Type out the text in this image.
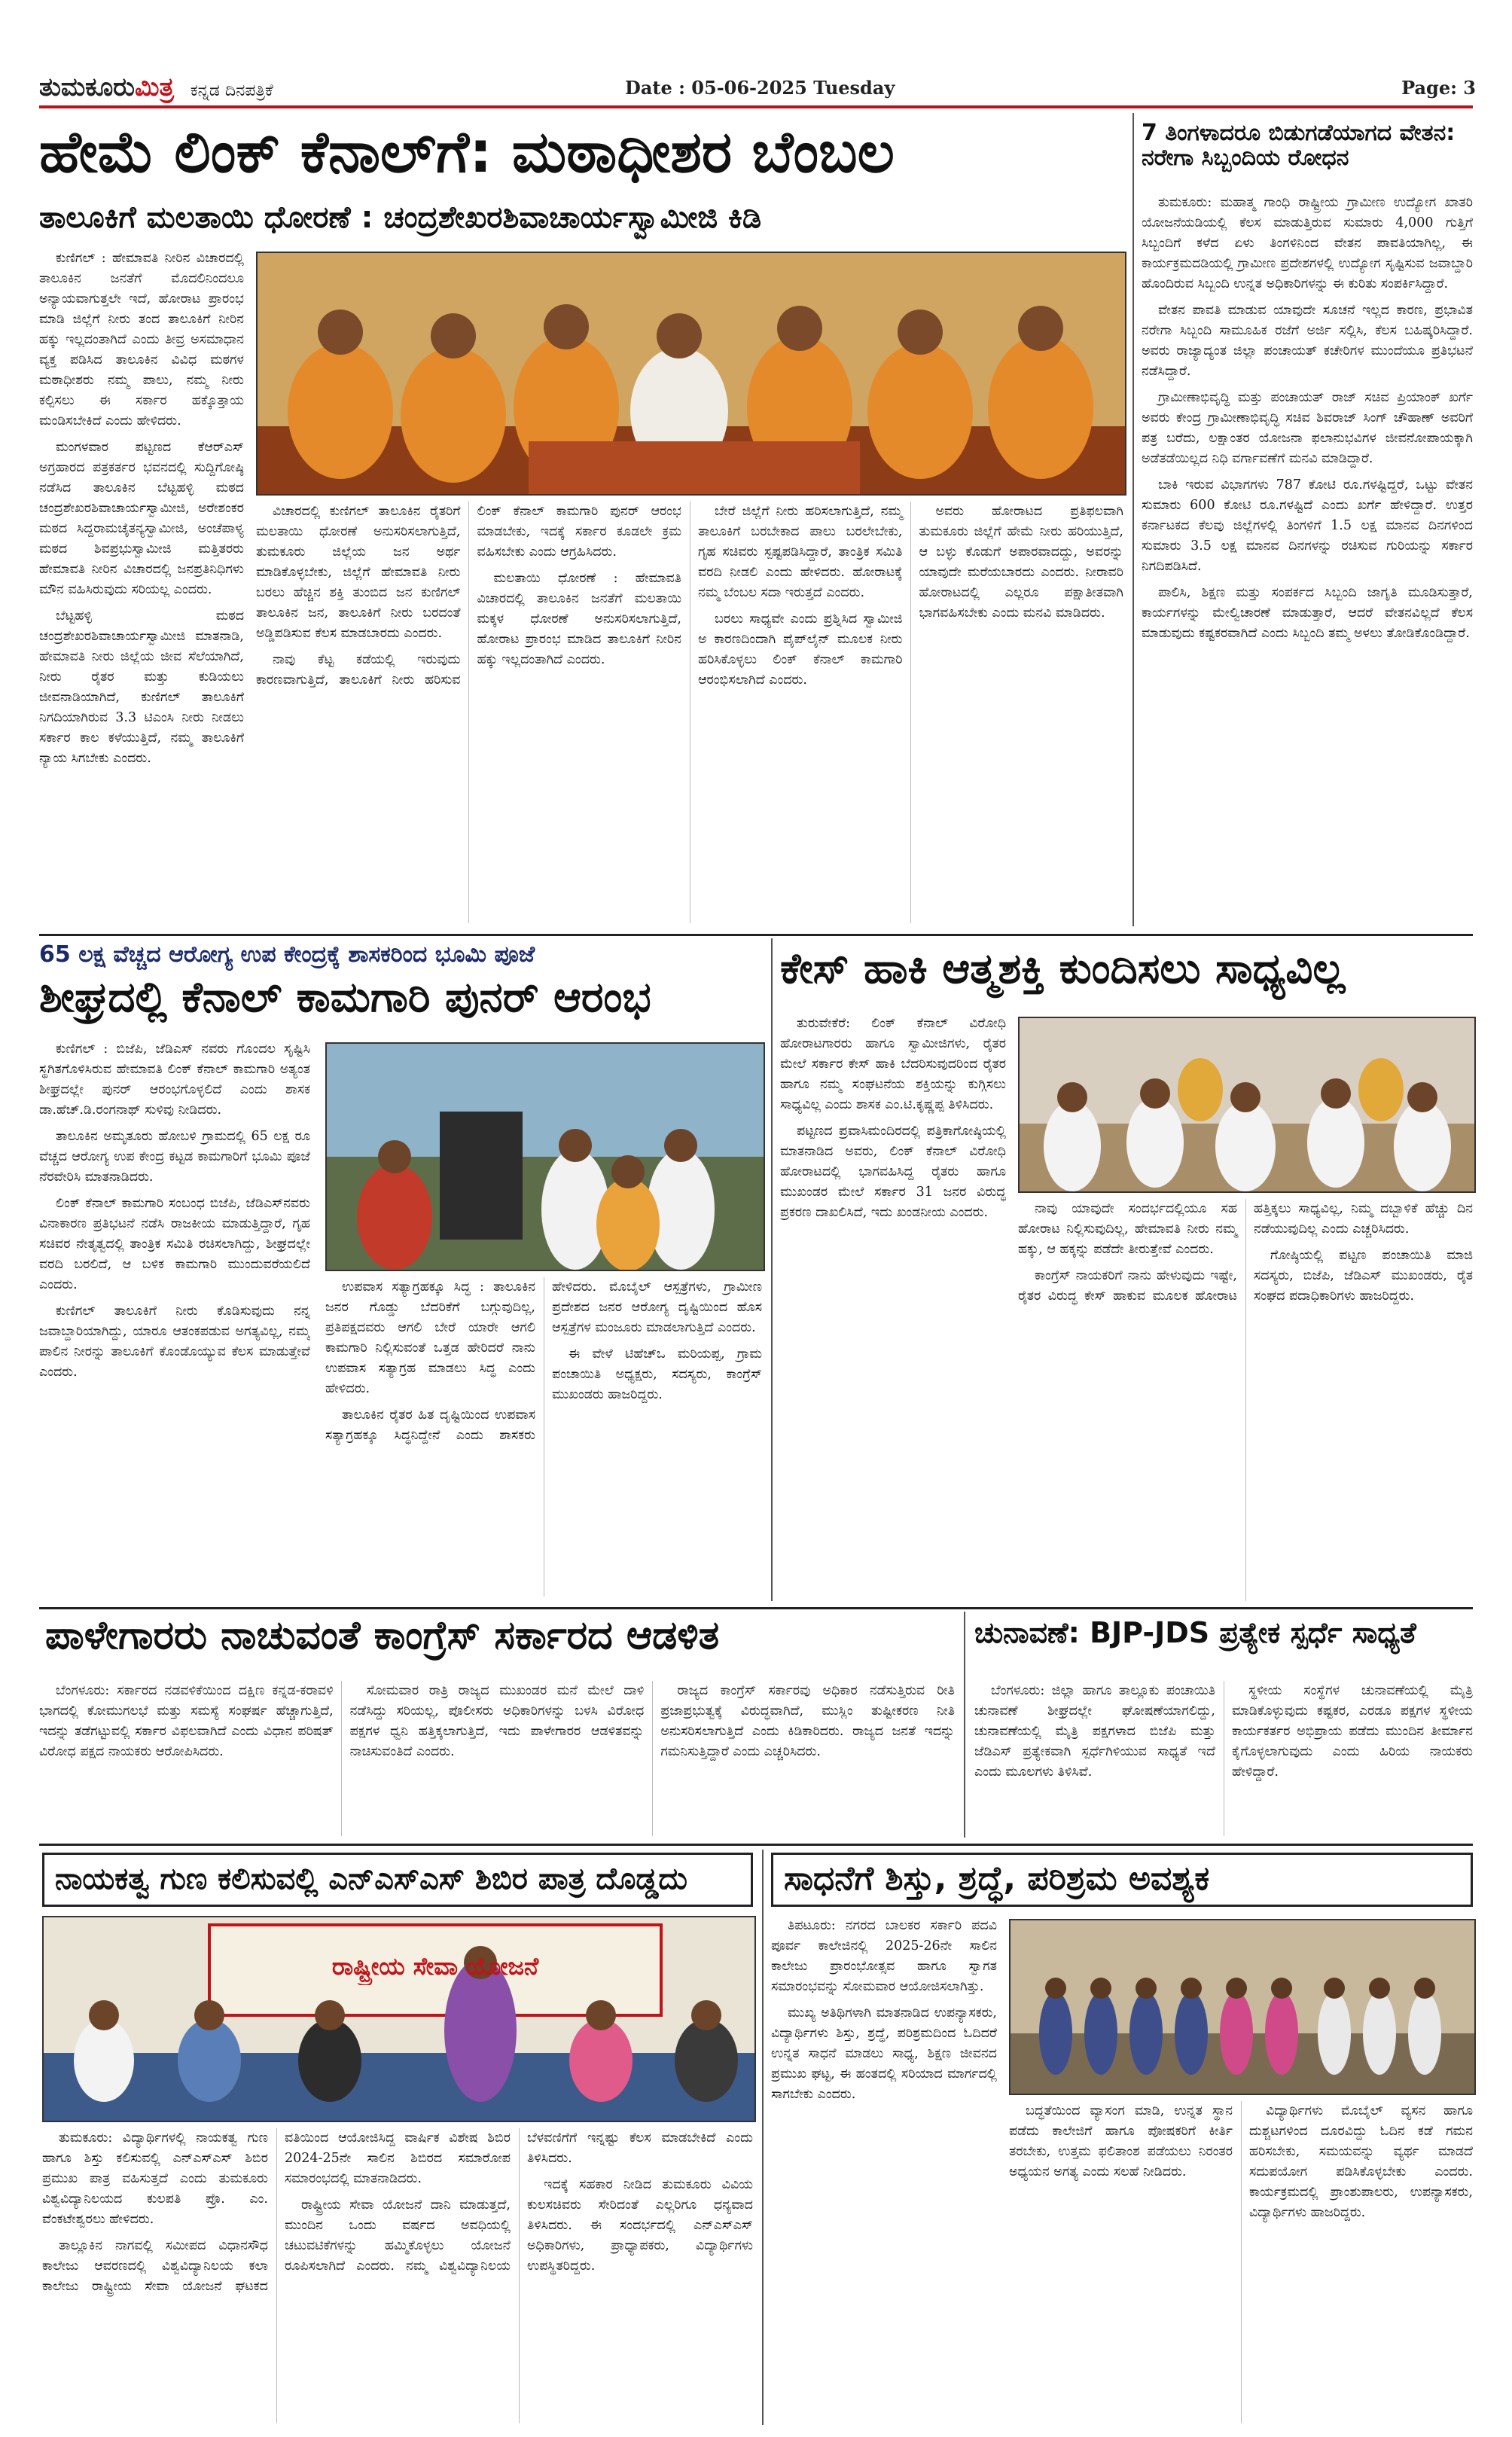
ತುಮಕೂರುಮಿತ್ರ ಕನ್ನಡ ದಿನಪತ್ರಿಕೆ	Date : 05-06-2025 Tuesday	Page: 3
ಹೇಮೆ ಲಿಂಕ್ ಕೆನಾಲ್‌ಗೆ: ಮಠಾಧೀಶರ ಬೆಂಬಲ
ತಾಲೂಕಿಗೆ ಮಲತಾಯಿ ಧೋರಣೆ : ಚಂದ್ರಶೇಖರಶಿವಾಚಾರ್ಯಸ್ವಾಮೀಜಿ ಕಿಡಿ

ಕುಣಿಗಲ್ : ಹೇಮಾವತಿ ನೀರಿನ ವಿಚಾರದಲ್ಲಿ ತಾಲೂಕಿನ ಜನತೆಗೆ ಮೊದಲಿನಿಂದಲೂ ಅನ್ಯಾಯವಾಗುತ್ತಲೇ ಇದೆ, ಹೋರಾಟ ಪ್ರಾರಂಭ ಮಾಡಿ ಜಿಲ್ಲೆಗೆ ನೀರು ತಂದ ತಾಲೂಕಿಗೆ ನೀರಿನ ಹಕ್ಕು ಇಲ್ಲದಂತಾಗಿದೆ ಎಂದು ತೀವ್ರ ಅಸಮಾಧಾನ ವ್ಯಕ್ತ ಪಡಿಸಿದ ತಾಲೂಕಿನ ವಿವಿಧ ಮಠಗಳ ಮಠಾಧೀಶರು ನಮ್ಮ ಪಾಲು, ನಮ್ಮ ನೀರು ಕಲ್ಪಿಸಲು ಈ ಸರ್ಕಾರ ಹಕ್ಕೊತ್ತಾಯ ಮಂಡಿಸಬೇಕಿದೆ ಎಂದು ಹೇಳಿದರು.

ಮಂಗಳವಾರ ಪಟ್ಟಣದ ಕೆಆರ್‌ಎಸ್ ಅಗ್ರಹಾರದ ಪತ್ರಕರ್ತರ ಭವನದಲ್ಲಿ ಸುದ್ದಿಗೋಷ್ಠಿ ನಡೆಸಿದ ತಾಲೂಕಿನ ಬೆಟ್ಟಹಳ್ಳಿ ಮಠದ ಚಂದ್ರಶೇಖರಶಿವಾಚಾರ್ಯಸ್ವಾಮೀಜಿ, ಅರೇಶಂಕರ ಮಠದ ಸಿದ್ದರಾಮಚೈತನ್ಯಸ್ವಾಮೀಜಿ, ಅಂಚೆಪಾಳ್ಯ ಮಠದ ಶಿವಪ್ರಭುಸ್ವಾಮೀಜಿ ಮತ್ತಿತರರು ಹೇಮಾವತಿ ನೀರಿನ ವಿಚಾರದಲ್ಲಿ ಜನಪ್ರತಿನಿಧಿಗಳು ಮೌನ ವಹಿಸಿರುವುದು ಸರಿಯಲ್ಲ ಎಂದರು.

ಬೆಟ್ಟಹಳ್ಳಿ ಮಠದ ಚಂದ್ರಶೇಖರಶಿವಾಚಾರ್ಯಸ್ವಾಮೀಜಿ ಮಾತನಾಡಿ, ಹೇಮಾವತಿ ನೀರು ಜಿಲ್ಲೆಯ ಜೀವ ಸೆಲೆಯಾಗಿದೆ, ನೀರು ರೈತರ ಮತ್ತು ಕುಡಿಯಲು ಜೀವನಾಡಿಯಾಗಿದೆ, ಕುಣಿಗಲ್ ತಾಲೂಕಿಗೆ ನಿಗದಿಯಾಗಿರುವ 3.3 ಟಿಎಂಸಿ ನೀರು ನೀಡಲು ಸರ್ಕಾರ ಕಾಲ ಕಳೆಯುತ್ತಿದೆ, ನಮ್ಮ ತಾಲೂಕಿಗೆ ನ್ಯಾಯ ಸಿಗಬೇಕು ಎಂದರು.

ವಿಚಾರದಲ್ಲಿ ಕುಣಿಗಲ್ ತಾಲೂಕಿನ ರೈತರಿಗೆ ಮಲತಾಯಿ ಧೋರಣೆ ಅನುಸರಿಸಲಾಗುತ್ತಿದೆ, ತುಮಕೂರು ಜಿಲ್ಲೆಯ ಜನ ಅರ್ಥ ಮಾಡಿಕೊಳ್ಳಬೇಕು, ಜಿಲ್ಲೆಗೆ ಹೇಮಾವತಿ ನೀರು ಬರಲು ಹೆಚ್ಚಿನ ಶಕ್ತಿ ತುಂಬಿದ ಜನ ಕುಣಿಗಲ್ ತಾಲೂಕಿನ ಜನ, ತಾಲೂಕಿಗೆ ನೀರು ಬರದಂತೆ ಅಡ್ಡಿಪಡಿಸುವ ಕೆಲಸ ಮಾಡಬಾರದು ಎಂದರು.

ನಾವು ಕೆಟ್ಟ ಕಡೆಯಲ್ಲಿ ಇರುವುದು ಕಾರಣವಾಗುತ್ತಿದೆ, ತಾಲೂಕಿಗೆ ನೀರು ಹರಿಸುವ ಲಿಂಕ್ ಕೆನಾಲ್ ಕಾಮಗಾರಿ ಪುನರ್ ಆರಂಭ ಮಾಡಬೇಕು, ಇದಕ್ಕೆ ಸರ್ಕಾರ ಕೂಡಲೇ ಕ್ರಮ ವಹಿಸಬೇಕು ಎಂದು ಆಗ್ರಹಿಸಿದರು.

ಮಲತಾಯಿ ಧೋರಣೆ : ಹೇಮಾವತಿ ವಿಚಾರದಲ್ಲಿ ತಾಲೂಕಿನ ಜನತೆಗೆ ಮಲತಾಯಿ ಮಕ್ಕಳ ಧೋರಣೆ ಅನುಸರಿಸಲಾಗುತ್ತಿದೆ, ಹೋರಾಟ ಪ್ರಾರಂಭ ಮಾಡಿದ ತಾಲೂಕಿಗೆ ನೀರಿನ ಹಕ್ಕು ಇಲ್ಲದಂತಾಗಿದೆ ಎಂದರು.

ಬೇರೆ ಜಿಲ್ಲೆಗೆ ನೀರು ಹರಿಸಲಾಗುತ್ತಿದೆ, ನಮ್ಮ ತಾಲೂಕಿಗೆ ಬರಬೇಕಾದ ಪಾಲು ಬರಲೇಬೇಕು, ಗೃಹ ಸಚಿವರು ಸ್ಪಷ್ಟಪಡಿಸಿದ್ದಾರೆ, ತಾಂತ್ರಿಕ ಸಮಿತಿ ವರದಿ ನೀಡಲಿ ಎಂದು ಹೇಳಿದರು. ಹೋರಾಟಕ್ಕೆ ನಮ್ಮ ಬೆಂಬಲ ಸದಾ ಇರುತ್ತದೆ ಎಂದರು.

ಬರಲು ಸಾಧ್ಯವೇ ಎಂದು ಪ್ರಶ್ನಿಸಿದ ಸ್ವಾಮೀಜಿ ಅ ಕಾರಣದಿಂದಾಗಿ ಪೈಪ್‌ಲೈನ್ ಮೂಲಕ ನೀರು ಹರಿಸಿಕೊಳ್ಳಲು ಲಿಂಕ್ ಕೆನಾಲ್ ಕಾಮಗಾರಿ ಆರಂಭಿಸಲಾಗಿದೆ ಎಂದರು.

ಅವರು ಹೋರಾಟದ ಪ್ರತಿಫಲವಾಗಿ ತುಮಕೂರು ಜಿಲ್ಲೆಗೆ ಹೇಮೆ ನೀರು ಹರಿಯುತ್ತಿದೆ, ಆ ಬಳ್ಳು ಕೊಡುಗೆ ಅಪಾರವಾದದ್ದು, ಅವರನ್ನು ಯಾವುದೇ ಮರೆಯಬಾರದು ಎಂದರು. ನೀರಾವರಿ ಹೋರಾಟದಲ್ಲಿ ಎಲ್ಲರೂ ಪಕ್ಷಾತೀತವಾಗಿ ಭಾಗವಹಿಸಬೇಕು ಎಂದು ಮನವಿ ಮಾಡಿದರು.

7 ತಿಂಗಳಾದರೂ ಬಿಡುಗಡೆಯಾಗದ ವೇತನ: ನರೇಗಾ ಸಿಬ್ಬಂದಿಯ ರೋಧನ

ತುಮಕೂರು: ಮಹಾತ್ಮ ಗಾಂಧಿ ರಾಷ್ಟ್ರೀಯ ಗ್ರಾಮೀಣ ಉದ್ಯೋಗ ಖಾತರಿ ಯೋಜನೆಯಡಿಯಲ್ಲಿ ಕೆಲಸ ಮಾಡುತ್ತಿರುವ ಸುಮಾರು 4,000 ಗುತ್ತಿಗೆ ಸಿಬ್ಬಂದಿಗೆ ಕಳೆದ ಏಳು ತಿಂಗಳಿನಿಂದ ವೇತನ ಪಾವತಿಯಾಗಿಲ್ಲ, ಈ ಕಾರ್ಯಕ್ರಮದಡಿಯಲ್ಲಿ ಗ್ರಾಮೀಣ ಪ್ರದೇಶಗಳಲ್ಲಿ ಉದ್ಯೋಗ ಸೃಷ್ಟಿಸುವ ಜವಾಬ್ದಾರಿ ಹೊಂದಿರುವ ಸಿಬ್ಬಂದಿ ಉನ್ನತ ಅಧಿಕಾರಿಗಳನ್ನು ಈ ಕುರಿತು ಸಂಪರ್ಕಿಸಿದ್ದಾರೆ.

ವೇತನ ಪಾವತಿ ಮಾಡುವ ಯಾವುದೇ ಸೂಚನೆ ಇಲ್ಲದ ಕಾರಣ, ಪ್ರಭಾವಿತ ನರೇಗಾ ಸಿಬ್ಬಂದಿ ಸಾಮೂಹಿಕ ರಜೆಗೆ ಅರ್ಜಿ ಸಲ್ಲಿಸಿ, ಕೆಲಸ ಬಹಿಷ್ಕರಿಸಿದ್ದಾರೆ. ಅವರು ರಾಜ್ಯಾದ್ಯಂತ ಜಿಲ್ಲಾ ಪಂಚಾಯತ್ ಕಚೇರಿಗಳ ಮುಂದೆಯೂ ಪ್ರತಿಭಟನೆ ನಡೆಸಿದ್ದಾರೆ.

ಗ್ರಾಮೀಣಾಭಿವೃದ್ಧಿ ಮತ್ತು ಪಂಚಾಯತ್ ರಾಜ್ ಸಚಿವ ಪ್ರಿಯಾಂಕ್ ಖರ್ಗೆ ಅವರು ಕೇಂದ್ರ ಗ್ರಾಮೀಣಾಭಿವೃದ್ಧಿ ಸಚಿವ ಶಿವರಾಜ್ ಸಿಂಗ್ ಚೌಹಾಣ್ ಅವರಿಗೆ ಪತ್ರ ಬರೆದು, ಲಕ್ಷಾಂತರ ಯೋಜನಾ ಫಲಾನುಭವಿಗಳ ಜೀವನೋಪಾಯಕ್ಕಾಗಿ ಅಡೆತಡೆಯಿಲ್ಲದ ನಿಧಿ ವರ್ಗಾವಣೆಗೆ ಮನವಿ ಮಾಡಿದ್ದಾರೆ.

ಬಾಕಿ ಇರುವ ವಿಭಾಗಗಳು 787 ಕೋಟಿ ರೂ.ಗಳಷ್ಟಿದ್ದರೆ, ಒಟ್ಟು ವೇತನ ಸುಮಾರು 600 ಕೋಟಿ ರೂ.ಗಳಷ್ಟಿದೆ ಎಂದು ಖರ್ಗೆ ಹೇಳಿದ್ದಾರೆ. ಉತ್ತರ ಕರ್ನಾಟಕದ ಕೆಲವು ಜಿಲ್ಲೆಗಳಲ್ಲಿ ತಿಂಗಳಿಗೆ 1.5 ಲಕ್ಷ ಮಾನವ ದಿನಗಳಿಂದ ಸುಮಾರು 3.5 ಲಕ್ಷ ಮಾನವ ದಿನಗಳನ್ನು ರಚಿಸುವ ಗುರಿಯನ್ನು ಸರ್ಕಾರ ನಿಗದಿಪಡಿಸಿದೆ.

ಪಾಲಿಸಿ, ಶಿಕ್ಷಣ ಮತ್ತು ಸಂಪರ್ಕದ ಸಿಬ್ಬಂದಿ ಜಾಗೃತಿ ಮೂಡಿಸುತ್ತಾರೆ, ಕಾರ್ಯಗಳನ್ನು ಮೇಲ್ವಿಚಾರಣೆ ಮಾಡುತ್ತಾರೆ, ಆದರೆ ವೇತನವಿಲ್ಲದೆ ಕೆಲಸ ಮಾಡುವುದು ಕಷ್ಟಕರವಾಗಿದೆ ಎಂದು ಸಿಬ್ಬಂದಿ ತಮ್ಮ ಅಳಲು ತೋಡಿಕೊಂಡಿದ್ದಾರೆ.

65 ಲಕ್ಷ ವೆಚ್ಚದ ಆರೋಗ್ಯ ಉಪ ಕೇಂದ್ರಕ್ಕೆ ಶಾಸಕರಿಂದ ಭೂಮಿ ಪೂಜೆ
ಶೀಘ್ರದಲ್ಲಿ ಕೆನಾಲ್ ಕಾಮಗಾರಿ ಪುನರ್ ಆರಂಭ

ಕುಣಿಗಲ್ : ಬಿಜೆಪಿ, ಜೆಡಿಎಸ್ ನವರು ಗೊಂದಲ ಸೃಷ್ಟಿಸಿ ಸ್ಥಗಿತಗೊಳಿಸಿರುವ ಹೇಮಾವತಿ ಲಿಂಕ್ ಕೆನಾಲ್ ಕಾಮಗಾರಿ ಅತ್ಯಂತ ಶೀಘ್ರದಲ್ಲೇ ಪುನರ್ ಆರಂಭಗೊಳ್ಳಲಿದೆ ಎಂದು ಶಾಸಕ ಡಾ.ಹೆಚ್.ಡಿ.ರಂಗನಾಥ್ ಸುಳಿವು ನೀಡಿದರು.

ತಾಲೂಕಿನ ಅಮೃತೂರು ಹೋಬಳಿ ಗ್ರಾಮದಲ್ಲಿ 65 ಲಕ್ಷ ರೂ ವೆಚ್ಚದ ಆರೋಗ್ಯ ಉಪ ಕೇಂದ್ರ ಕಟ್ಟಡ ಕಾಮಗಾರಿಗೆ ಭೂಮಿ ಪೂಜೆ ನೆರವೇರಿಸಿ ಮಾತನಾಡಿದರು.

ಲಿಂಕ್ ಕೆನಾಲ್ ಕಾಮಗಾರಿ ಸಂಬಂಧ ಬಿಜೆಪಿ, ಜೆಡಿಎಸ್‌ನವರು ವಿನಾಕಾರಣ ಪ್ರತಿಭಟನೆ ನಡೆಸಿ ರಾಜಕೀಯ ಮಾಡುತ್ತಿದ್ದಾರೆ, ಗೃಹ ಸಚಿವರ ನೇತೃತ್ವದಲ್ಲಿ ತಾಂತ್ರಿಕ ಸಮಿತಿ ರಚಿಸಲಾಗಿದ್ದು, ಶೀಘ್ರದಲ್ಲೇ ವರದಿ ಬರಲಿದೆ, ಆ ಬಳಿಕ ಕಾಮಗಾರಿ ಮುಂದುವರೆಯಲಿದೆ ಎಂದರು.

ಕುಣಿಗಲ್ ತಾಲೂಕಿಗೆ ನೀರು ಕೊಡಿಸುವುದು ನನ್ನ ಜವಾಬ್ದಾರಿಯಾಗಿದ್ದು, ಯಾರೂ ಆತಂಕಪಡುವ ಅಗತ್ಯವಿಲ್ಲ, ನಮ್ಮ ಪಾಲಿನ ನೀರನ್ನು ತಾಲೂಕಿಗೆ ಕೊಂಡೊಯ್ಯುವ ಕೆಲಸ ಮಾಡುತ್ತೇವೆ ಎಂದರು.

ಉಪವಾಸ ಸತ್ಯಾಗ್ರಹಕ್ಕೂ ಸಿದ್ಧ : ತಾಲೂಕಿನ ಜನರ ಗೊಡ್ಡು ಬೆದರಿಕೆಗೆ ಬಗ್ಗುವುದಿಲ್ಲ, ಪ್ರತಿಪಕ್ಷದವರು ಆಗಲಿ ಬೇರೆ ಯಾರೇ ಆಗಲಿ ಕಾಮಗಾರಿ ನಿಲ್ಲಿಸುವಂತೆ ಒತ್ತಡ ಹೇರಿದರೆ ನಾನು ಉಪವಾಸ ಸತ್ಯಾಗ್ರಹ ಮಾಡಲು ಸಿದ್ಧ ಎಂದು ಹೇಳಿದರು.

ತಾಲೂಕಿನ ರೈತರ ಹಿತ ದೃಷ್ಟಿಯಿಂದ ಉಪವಾಸ ಸತ್ಯಾಗ್ರಹಕ್ಕೂ ಸಿದ್ಧನಿದ್ದೇನೆ ಎಂದು ಶಾಸಕರು ಹೇಳಿದರು. ಮೊಬೈಲ್ ಆಸ್ಪತ್ರೆಗಳು, ಗ್ರಾಮೀಣ ಪ್ರದೇಶದ ಜನರ ಆರೋಗ್ಯ ದೃಷ್ಟಿಯಿಂದ ಹೊಸ ಆಸ್ಪತ್ರೆಗಳ ಮಂಜೂರು ಮಾಡಲಾಗುತ್ತಿದೆ ಎಂದರು.

ಈ ವೇಳೆ ಟಿಹೆಚ್‌ಒ ಮರಿಯಪ್ಪ, ಗ್ರಾಮ ಪಂಚಾಯಿತಿ ಅಧ್ಯಕ್ಷರು, ಸದಸ್ಯರು, ಕಾಂಗ್ರೆಸ್ ಮುಖಂಡರು ಹಾಜರಿದ್ದರು.

ಕೇಸ್ ಹಾಕಿ ಆತ್ಮಶಕ್ತಿ ಕುಂದಿಸಲು ಸಾಧ್ಯವಿಲ್ಲ

ತುರುವೇಕೆರೆ: ಲಿಂಕ್ ಕೆನಾಲ್ ವಿರೋಧಿ ಹೋರಾಟಗಾರರು ಹಾಗೂ ಸ್ವಾಮೀಜಿಗಳು, ರೈತರ ಮೇಲೆ ಸರ್ಕಾರ ಕೇಸ್ ಹಾಕಿ ಬೆದರಿಸುವುದರಿಂದ ರೈತರ ಹಾಗೂ ನಮ್ಮ ಸಂಘಟನೆಯ ಶಕ್ತಿಯನ್ನು ಕುಗ್ಗಿಸಲು ಸಾಧ್ಯವಿಲ್ಲ ಎಂದು ಶಾಸಕ ಎಂ.ಟಿ.ಕೃಷ್ಣಪ್ಪ ತಿಳಿಸಿದರು.

ಪಟ್ಟಣದ ಪ್ರವಾಸಿಮಂದಿರದಲ್ಲಿ ಪತ್ರಿಕಾಗೋಷ್ಠಿಯಲ್ಲಿ ಮಾತನಾಡಿದ ಅವರು, ಲಿಂಕ್ ಕೆನಾಲ್ ವಿರೋಧಿ ಹೋರಾಟದಲ್ಲಿ ಭಾಗವಹಿಸಿದ್ದ ರೈತರು ಹಾಗೂ ಮುಖಂಡರ ಮೇಲೆ ಸರ್ಕಾರ 31 ಜನರ ವಿರುದ್ಧ ಪ್ರಕರಣ ದಾಖಲಿಸಿದೆ, ಇದು ಖಂಡನೀಯ ಎಂದರು.	ನಾವು ಯಾವುದೇ ಸಂದರ್ಭದಲ್ಲಿಯೂ ಸಹ ಹೋರಾಟ ನಿಲ್ಲಿಸುವುದಿಲ್ಲ, ಹೇಮಾವತಿ ನೀರು ನಮ್ಮ ಹಕ್ಕು, ಆ ಹಕ್ಕನ್ನು ಪಡೆದೇ ತೀರುತ್ತೇವೆ ಎಂದರು.

ಕಾಂಗ್ರೆಸ್ ನಾಯಕರಿಗೆ ನಾನು ಹೇಳುವುದು ಇಷ್ಟೇ, ರೈತರ ವಿರುದ್ಧ ಕೇಸ್ ಹಾಕುವ ಮೂಲಕ ಹೋರಾಟ ಹತ್ತಿಕ್ಕಲು ಸಾಧ್ಯವಿಲ್ಲ, ನಿಮ್ಮ ದಬ್ಬಾಳಿಕೆ ಹೆಚ್ಚು ದಿನ ನಡೆಯುವುದಿಲ್ಲ ಎಂದು ಎಚ್ಚರಿಸಿದರು.

ಗೋಷ್ಠಿಯಲ್ಲಿ ಪಟ್ಟಣ ಪಂಚಾಯಿತಿ ಮಾಜಿ ಸದಸ್ಯರು, ಬಿಜೆಪಿ, ಜೆಡಿಎಸ್ ಮುಖಂಡರು, ರೈತ ಸಂಘದ ಪದಾಧಿಕಾರಿಗಳು ಹಾಜರಿದ್ದರು.

ಪಾಳೇಗಾರರು ನಾಚುವಂತೆ ಕಾಂಗ್ರೆಸ್ ಸರ್ಕಾರದ ಆಡಳಿತ

ಬೆಂಗಳೂರು: ಸರ್ಕಾರದ ನಡವಳಿಕೆಯಿಂದ ದಕ್ಷಿಣ ಕನ್ನಡ-ಕರಾವಳಿ ಭಾಗದಲ್ಲಿ ಕೋಮುಗಲಭೆ ಮತ್ತು ಸಮಸ್ಯೆ ಸಂಘರ್ಷ ಹೆಚ್ಚಾಗುತ್ತಿದೆ, ಇದನ್ನು ತಡೆಗಟ್ಟುವಲ್ಲಿ ಸರ್ಕಾರ ವಿಫಲವಾಗಿದೆ ಎಂದು ವಿಧಾನ ಪರಿಷತ್ ವಿರೋಧ ಪಕ್ಷದ ನಾಯಕರು ಆರೋಪಿಸಿದರು.

ಸೋಮವಾರ ರಾತ್ರಿ ರಾಜ್ಯದ ಮುಖಂಡರ ಮನೆ ಮೇಲೆ ದಾಳಿ ನಡೆಸಿದ್ದು ಸರಿಯಲ್ಲ, ಪೊಲೀಸರು ಅಧಿಕಾರಿಗಳನ್ನು ಬಳಸಿ ವಿರೋಧ ಪಕ್ಷಗಳ ಧ್ವನಿ ಹತ್ತಿಕ್ಕಲಾಗುತ್ತಿದೆ, ಇದು ಪಾಳೇಗಾರರ ಆಡಳಿತವನ್ನು ನಾಚಿಸುವಂತಿದೆ ಎಂದರು.

ರಾಜ್ಯದ ಕಾಂಗ್ರೆಸ್ ಸರ್ಕಾರವು ಅಧಿಕಾರ ನಡೆಸುತ್ತಿರುವ ರೀತಿ ಪ್ರಜಾಪ್ರಭುತ್ವಕ್ಕೆ ವಿರುದ್ಧವಾಗಿದೆ, ಮುಸ್ಲಿಂ ತುಷ್ಟೀಕರಣ ನೀತಿ ಅನುಸರಿಸಲಾಗುತ್ತಿದೆ ಎಂದು ಕಿಡಿಕಾರಿದರು. ರಾಜ್ಯದ ಜನತೆ ಇದನ್ನು ಗಮನಿಸುತ್ತಿದ್ದಾರೆ ಎಂದು ಎಚ್ಚರಿಸಿದರು.

ಚುನಾವಣೆ: BJP-JDS ಪ್ರತ್ಯೇಕ ಸ್ಪರ್ಧೆ ಸಾಧ್ಯತೆ

ಬೆಂಗಳೂರು: ಜಿಲ್ಲಾ ಹಾಗೂ ತಾಲ್ಲೂಕು ಪಂಚಾಯಿತಿ ಚುನಾವಣೆ ಶೀಘ್ರದಲ್ಲೇ ಘೋಷಣೆಯಾಗಲಿದ್ದು, ಚುನಾವಣೆಯಲ್ಲಿ ಮೈತ್ರಿ ಪಕ್ಷಗಳಾದ ಬಿಜೆಪಿ ಮತ್ತು ಜೆಡಿಎಸ್ ಪ್ರತ್ಯೇಕವಾಗಿ ಸ್ಪರ್ಧೆಗಿಳಿಯುವ ಸಾಧ್ಯತೆ ಇದೆ ಎಂದು ಮೂಲಗಳು ತಿಳಿಸಿವೆ.

ಸ್ಥಳೀಯ ಸಂಸ್ಥೆಗಳ ಚುನಾವಣೆಯಲ್ಲಿ ಮೈತ್ರಿ ಮಾಡಿಕೊಳ್ಳುವುದು ಕಷ್ಟಕರ, ಎರಡೂ ಪಕ್ಷಗಳ ಸ್ಥಳೀಯ ಕಾರ್ಯಕರ್ತರ ಅಭಿಪ್ರಾಯ ಪಡೆದು ಮುಂದಿನ ತೀರ್ಮಾನ ಕೈಗೊಳ್ಳಲಾಗುವುದು ಎಂದು ಹಿರಿಯ ನಾಯಕರು ಹೇಳಿದ್ದಾರೆ.

ನಾಯಕತ್ವ ಗುಣ ಕಲಿಸುವಲ್ಲಿ ಎನ್‌ಎಸ್‌ಎಸ್ ಶಿಬಿರ ಪಾತ್ರ ದೊಡ್ಡದು
ರಾಷ್ಟ್ರೀಯ ಸೇವಾ ಯೋಜನೆ

ತುಮಕೂರು: ವಿದ್ಯಾರ್ಥಿಗಳಲ್ಲಿ ನಾಯಕತ್ವ ಗುಣ ಹಾಗೂ ಶಿಸ್ತು ಕಲಿಸುವಲ್ಲಿ ಎನ್‌ಎಸ್‌ಎಸ್ ಶಿಬಿರ ಪ್ರಮುಖ ಪಾತ್ರ ವಹಿಸುತ್ತದೆ ಎಂದು ತುಮಕೂರು ವಿಶ್ವವಿದ್ಯಾನಿಲಯದ ಕುಲಪತಿ ಪ್ರೊ. ಎಂ. ವೆಂಕಟೇಶ್ವರಲು ಹೇಳಿದರು.

ತಾಲ್ಲೂಕಿನ ನಾಗವಲ್ಲಿ ಸಮೀಪದ ವಿಧಾನಸೌಧ ಕಾಲೇಜು ಆವರಣದಲ್ಲಿ ವಿಶ್ವವಿದ್ಯಾನಿಲಯ ಕಲಾ ಕಾಲೇಜು ರಾಷ್ಟ್ರೀಯ ಸೇವಾ ಯೋಜನೆ ಘಟಕದ ವತಿಯಿಂದ ಆಯೋಜಿಸಿದ್ದ ವಾರ್ಷಿಕ ವಿಶೇಷ ಶಿಬಿರ 2024-25ನೇ ಸಾಲಿನ ಶಿಬಿರದ ಸಮಾರೋಪ ಸಮಾರಂಭದಲ್ಲಿ ಮಾತನಾಡಿದರು.

ರಾಷ್ಟ್ರೀಯ ಸೇವಾ ಯೋಜನೆ ದಾನಿ ಮಾಡುತ್ತದೆ, ಮುಂದಿನ ಒಂದು ವರ್ಷದ ಅವಧಿಯಲ್ಲಿ ಚಟುವಟಿಕೆಗಳನ್ನು ಹಮ್ಮಿಕೊಳ್ಳಲು ಯೋಜನೆ ರೂಪಿಸಲಾಗಿದೆ ಎಂದರು. ನಮ್ಮ ವಿಶ್ವವಿದ್ಯಾನಿಲಯ ಬೆಳವಣಿಗೆಗೆ ಇನ್ನಷ್ಟು ಕೆಲಸ ಮಾಡಬೇಕಿದೆ ಎಂದು ತಿಳಿಸಿದರು.

ಇದಕ್ಕೆ ಸಹಕಾರ ನೀಡಿದ ತುಮಕೂರು ವಿವಿಯ ಕುಲಸಚಿವರು ಸೇರಿದಂತೆ ಎಲ್ಲರಿಗೂ ಧನ್ಯವಾದ ತಿಳಿಸಿದರು. ಈ ಸಂದರ್ಭದಲ್ಲಿ ಎನ್‌ಎಸ್‌ಎಸ್ ಅಧಿಕಾರಿಗಳು, ಪ್ರಾಧ್ಯಾಪಕರು, ವಿದ್ಯಾರ್ಥಿಗಳು ಉಪಸ್ಥಿತರಿದ್ದರು.

ಸಾಧನೆಗೆ ಶಿಸ್ತು, ಶ್ರದ್ಧೆ, ಪರಿಶ್ರಮ ಅವಶ್ಯಕ

ತಿಪಟೂರು: ನಗರದ ಬಾಲಕರ ಸರ್ಕಾರಿ ಪದವಿ ಪೂರ್ವ ಕಾಲೇಜಿನಲ್ಲಿ 2025-26ನೇ ಸಾಲಿನ ಕಾಲೇಜು ಪ್ರಾರಂಭೋತ್ಸವ ಹಾಗೂ ಸ್ವಾಗತ ಸಮಾರಂಭವನ್ನು ಸೋಮವಾರ ಆಯೋಜಿಸಲಾಗಿತ್ತು.

ಮುಖ್ಯ ಅತಿಥಿಗಳಾಗಿ ಮಾತನಾಡಿದ ಉಪನ್ಯಾಸಕರು, ವಿದ್ಯಾರ್ಥಿಗಳು ಶಿಸ್ತು, ಶ್ರದ್ಧೆ, ಪರಿಶ್ರಮದಿಂದ ಓದಿದರೆ ಉನ್ನತ ಸಾಧನೆ ಮಾಡಲು ಸಾಧ್ಯ, ಶಿಕ್ಷಣ ಜೀವನದ ಪ್ರಮುಖ ಘಟ್ಟ, ಈ ಹಂತದಲ್ಲಿ ಸರಿಯಾದ ಮಾರ್ಗದಲ್ಲಿ ಸಾಗಬೇಕು ಎಂದರು.

ಬದ್ಧತೆಯಿಂದ ವ್ಯಾಸಂಗ ಮಾಡಿ, ಉನ್ನತ ಸ್ಥಾನ ಪಡೆದು ಕಾಲೇಜಿಗೆ ಹಾಗೂ ಪೋಷಕರಿಗೆ ಕೀರ್ತಿ ತರಬೇಕು, ಉತ್ತಮ ಫಲಿತಾಂಶ ಪಡೆಯಲು ನಿರಂತರ ಅಧ್ಯಯನ ಅಗತ್ಯ ಎಂದು ಸಲಹೆ ನೀಡಿದರು.

ವಿದ್ಯಾರ್ಥಿಗಳು ಮೊಬೈಲ್ ವ್ಯಸನ ಹಾಗೂ ದುಶ್ಚಟಗಳಿಂದ ದೂರವಿದ್ದು ಓದಿನ ಕಡೆ ಗಮನ ಹರಿಸಬೇಕು, ಸಮಯವನ್ನು ವ್ಯರ್ಥ ಮಾಡದೆ ಸದುಪಯೋಗ ಪಡಿಸಿಕೊಳ್ಳಬೇಕು ಎಂದರು. ಕಾರ್ಯಕ್ರಮದಲ್ಲಿ ಪ್ರಾಂಶುಪಾಲರು, ಉಪನ್ಯಾಸಕರು, ವಿದ್ಯಾರ್ಥಿಗಳು ಹಾಜರಿದ್ದರು.
